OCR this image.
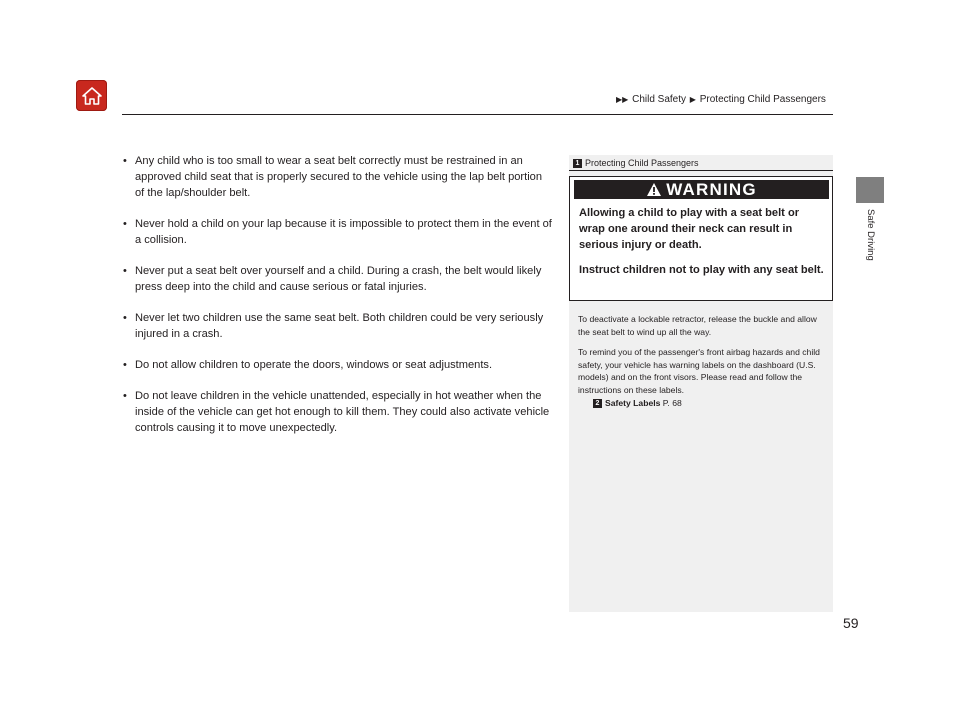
▶▶ Child Safety ▶ Protecting Child Passengers
Safe Driving
• Any child who is too small to wear a seat belt correctly must be restrained in an approved child seat that is properly secured to the vehicle using the lap belt portion of the lap/shoulder belt.
• Never hold a child on your lap because it is impossible to protect them in the event of a collision.
• Never put a seat belt over yourself and a child. During a crash, the belt would likely press deep into the child and cause serious or fatal injuries.
• Never let two children use the same seat belt. Both children could be very seriously injured in a crash.
• Do not allow children to operate the doors, windows or seat adjustments.
• Do not leave children in the vehicle unattended, especially in hot weather when the inside of the vehicle can get hot enough to kill them. They could also activate vehicle controls causing it to move unexpectedly.
1 Protecting Child Passengers
WARNING

Allowing a child to play with a seat belt or wrap one around their neck can result in serious injury or death.

Instruct children not to play with any seat belt.

To deactivate a lockable retractor, release the buckle and allow the seat belt to wind up all the way.

To remind you of the passenger's front airbag hazards and child safety, your vehicle has warning labels on the dashboard (U.S. models) and on the front visors. Please read and follow the instructions on these labels.

2 Safety Labels P. 68
59
